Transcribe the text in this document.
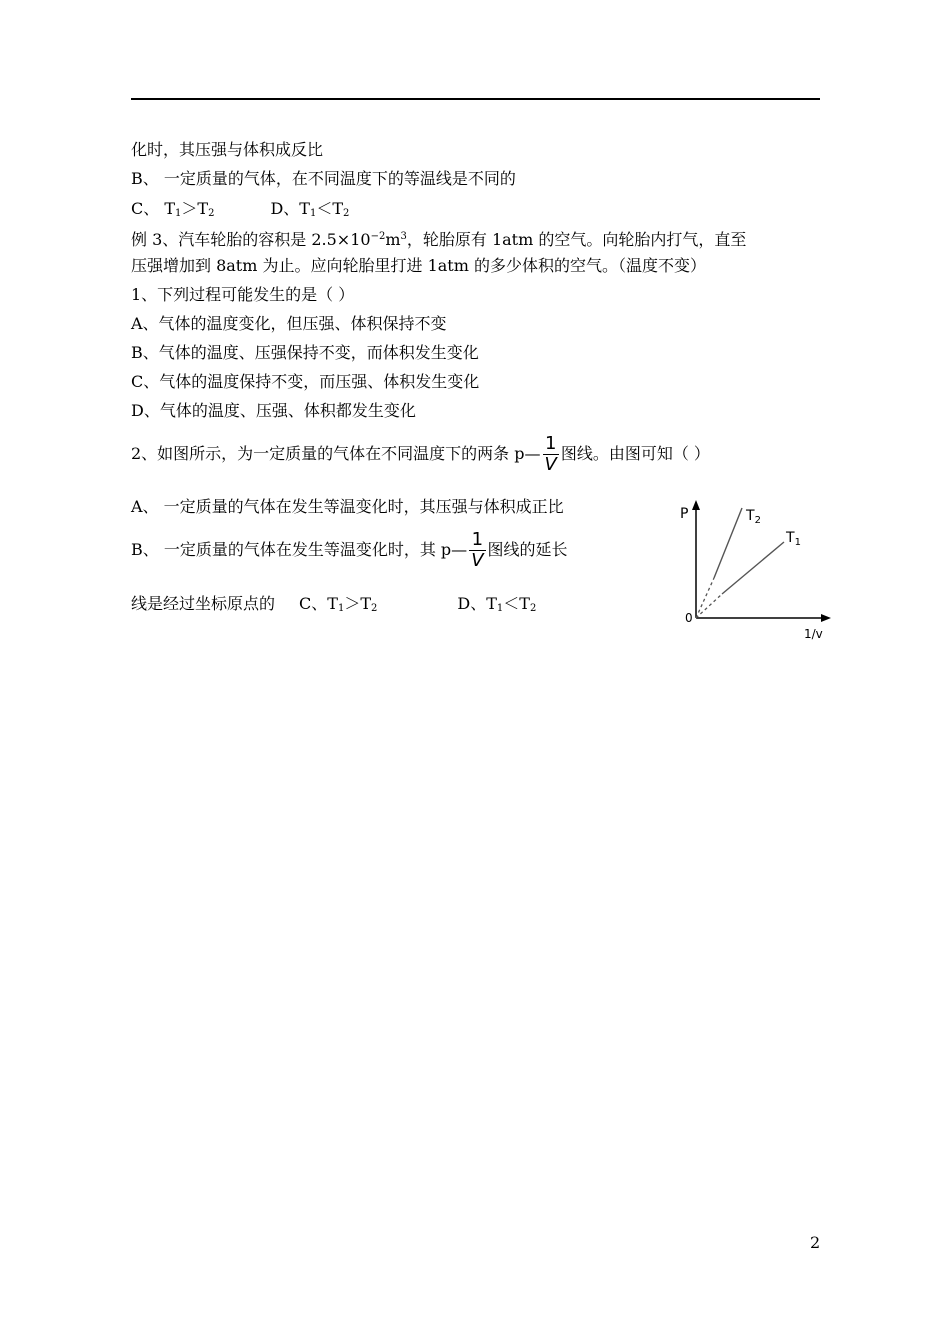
化时，其压强与体积成反比
B、 一定质量的气体，在不同温度下的等温线是不同的
C、 $T_1>T_2$	D、$T_1<T_2$
例 3、汽车轮胎的容积是 $2.5\times 10^{-2}m^3$，轮胎原有 1atm 的空气。向轮胎内打气，直至
压强增加到 8atm 为止。应向轮胎里打进 1atm 的多少体积的空气。（温度不变）
1、下列过程可能发生的是（ ）
A、气体的温度变化，但压强、体积保持不变
B、气体的温度、压强保持不变，而体积发生变化
C、气体的温度保持不变，而压强、体积发生变化
D、气体的温度、压强、体积都发生变化
2、如图所示，为一定质量的气体在不同温度下的两条 p— $\frac{1}{V}$ 图线。由图可知（ ）
A、 一定质量的气体在发生等温变化时，其压强与体积成正比
B、 一定质量的气体在发生等温变化时，其 p— $\frac{1}{V}$ 图线的延长
线是经过坐标原点的 C、$T_1>T_2$	D、$T_1<T_2$
P
0
1/v
$T_2$
$T_1$
2
